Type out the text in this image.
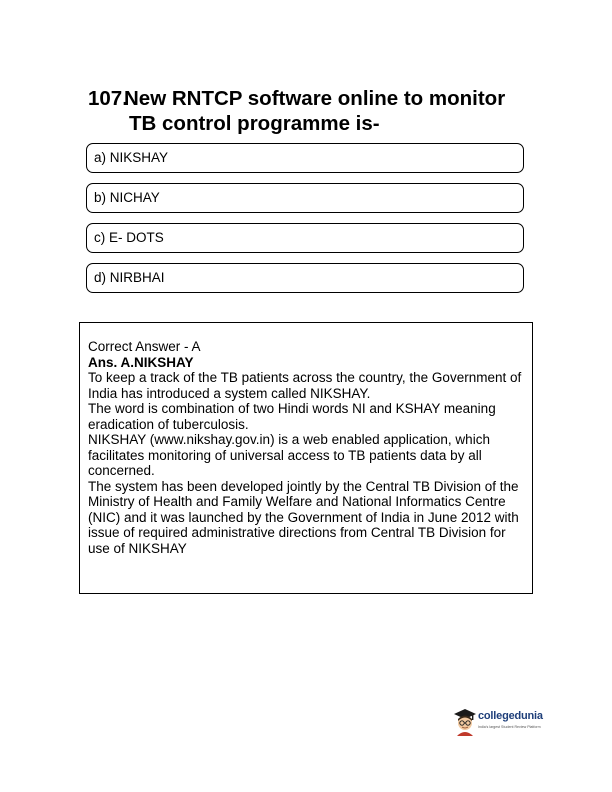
107.
New RNTCP software online to monitor
TB control programme is-
a) NIKSHAY
b) NICHAY
c) E- DOTS
d) NIRBHAI

Correct Answer - A

Ans. A.NIKSHAY

To keep a track of the TB patients across the country, the Government of India has introduced a system called NIKSHAY.

The word is combination of two Hindi words NI and KSHAY meaning eradication of tuberculosis.

NIKSHAY (www.nikshay.gov.in) is a web enabled application, which facilitates monitoring of universal access to TB patients data by all concerned.

The system has been developed jointly by the Central TB Division of the Ministry of Health and Family Welfare and National Informatics Centre (NIC) and it was launched by the Government of India in June 2012 with issue of required administrative directions from Central TB Division for use of NIKSHAY

collegedunia
India's largest Student Review Platform
